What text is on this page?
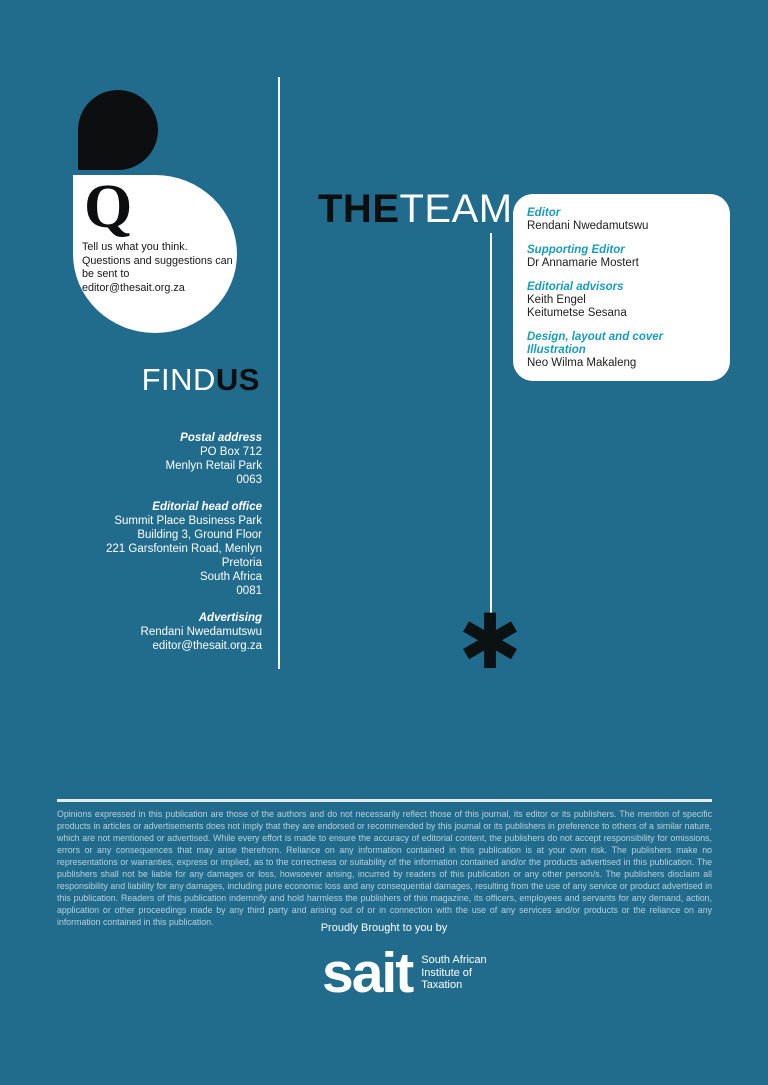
Q

Tell us what you think. Questions and suggestions can be sent to editor@thesait.org.za

THETEAM
✱
Editor
Rendani Nwedamutswu
Supporting Editor
Dr Annamarie Mostert
Editorial advisors
Keith Engel
Keitumetse Sesana
Design, layout and cover Illustration
Neo Wilma Makaleng
FINDUS
Postal address
PO Box 712
Menlyn Retail Park
0063
Editorial head office
Summit Place Business Park
Building 3, Ground Floor
221 Garsfontein Road, Menlyn
Pretoria
South Africa
0081
Advertising
Rendani Nwedamutswu
editor@thesait.org.za

Opinions expressed in this publication are those of the authors and do not necessarily reflect those of this journal, its editor or its publishers. The mention of specific products in articles or advertisements does not imply that they are endorsed or recommended by this journal or its publishers in preference to others of a similar nature, which are not mentioned or advertised. While every effort is made to ensure the accuracy of editorial content, the publishers do not accept responsibility for omissions, errors or any consequences that may arise therefrom. Reliance on any information contained in this publication is at your own risk. The publishers make no representations or warranties, express or implied, as to the correctness or suitability of the information contained and/or the products advertised in this publication. The publishers shall not be liable for any damages or loss, howsoever arising, incurred by readers of this publication or any other person/s. The publishers disclaim all responsibility and liability for any damages, including pure economic loss and any consequential damages, resulting from the use of any service or product advertised in this publication. Readers of this publication indemnify and hold harmless the publishers of this magazine, its officers, employees and servants for any demand, action, application or other proceedings made by any third party and arising out of or in connection with the use of any services and/or products or the reliance on any information contained in this publication.	Proudly Brought to you by

sait South African
Institute of
Taxation
